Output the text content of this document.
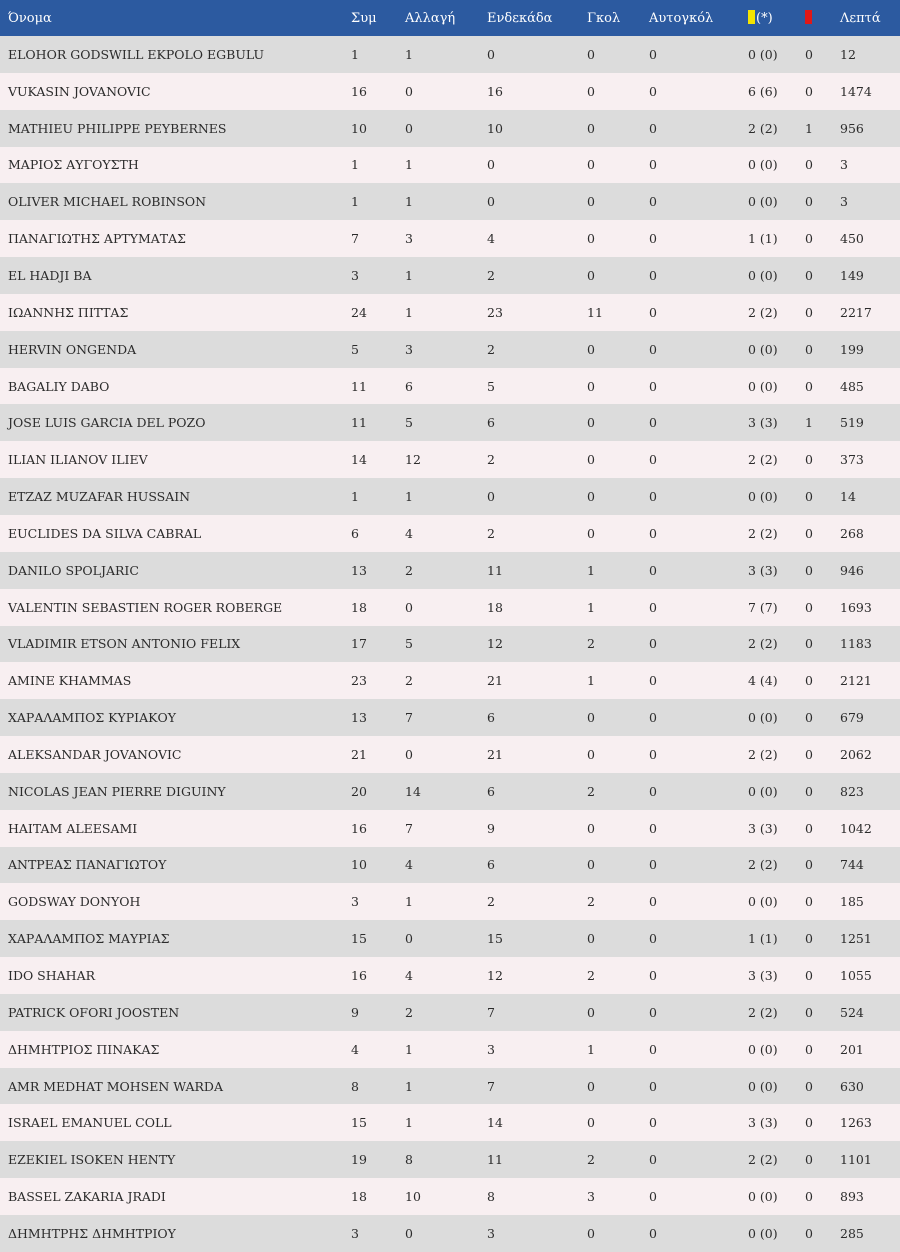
Όνομα	Συμ	Αλλαγή	Ενδεκάδα	Γκολ	Αυτογκόλ	(*)		Λεπτά
ELOHOR GODSWILL EKPOLO EGBULU	1	1	0	0	0	0 (0)	0	12
VUKASIN JOVANOVIC	16	0	16	0	0	6 (6)	0	1474
MATHIEU PHILIPPE PEYBERNES	10	0	10	0	0	2 (2)	1	956
ΜΑΡΙΟΣ ΑΥΓΟΥΣΤΗ	1	1	0	0	0	0 (0)	0	3
OLIVER MICHAEL ROBINSON	1	1	0	0	0	0 (0)	0	3
ΠΑΝΑΓΙΩΤΗΣ ΑΡΤΥΜΑΤΑΣ	7	3	4	0	0	1 (1)	0	450
EL HADJI BA	3	1	2	0	0	0 (0)	0	149
ΙΩΑΝΝΗΣ ΠΙΤΤΑΣ	24	1	23	11	0	2 (2)	0	2217
HERVIN ONGENDA	5	3	2	0	0	0 (0)	0	199
BAGALIY DABO	11	6	5	0	0	0 (0)	0	485
JOSE LUIS GARCIA DEL POZO	11	5	6	0	0	3 (3)	1	519
ILIAN ILIANOV ILIEV	14	12	2	0	0	2 (2)	0	373
ETZAZ MUZAFAR HUSSAIN	1	1	0	0	0	0 (0)	0	14
EUCLIDES DA SILVA CABRAL	6	4	2	0	0	2 (2)	0	268
DANILO SPOLJARIC	13	2	11	1	0	3 (3)	0	946
VALENTIN SEBASTIEN ROGER ROBERGE	18	0	18	1	0	7 (7)	0	1693
VLADIMIR ETSON ANTONIO FELIX	17	5	12	2	0	2 (2)	0	1183
AMINE KHAMMAS	23	2	21	1	0	4 (4)	0	2121
ΧΑΡΑΛΑΜΠΟΣ ΚΥΡΙΑΚΟΥ	13	7	6	0	0	0 (0)	0	679
ALEKSANDAR JOVANOVIC	21	0	21	0	0	2 (2)	0	2062
NICOLAS JEAN PIERRE DIGUINY	20	14	6	2	0	0 (0)	0	823
HAITAM ALEESAMI	16	7	9	0	0	3 (3)	0	1042
ΑΝΤΡΕΑΣ ΠΑΝΑΓΙΩΤΟΥ	10	4	6	0	0	2 (2)	0	744
GODSWAY DONYOH	3	1	2	2	0	0 (0)	0	185
ΧΑΡΑΛΑΜΠΟΣ ΜΑΥΡΙΑΣ	15	0	15	0	0	1 (1)	0	1251
IDO SHAHAR	16	4	12	2	0	3 (3)	0	1055
PATRICK OFORI JOOSTEN	9	2	7	0	0	2 (2)	0	524
ΔΗΜΗΤΡΙΟΣ ΠΙΝΑΚΑΣ	4	1	3	1	0	0 (0)	0	201
AMR MEDHAT MOHSEN WARDA	8	1	7	0	0	0 (0)	0	630
ISRAEL EMANUEL COLL	15	1	14	0	0	3 (3)	0	1263
EZEKIEL ISOKEN HENTY	19	8	11	2	0	2 (2)	0	1101
BASSEL ZAKARIA JRADI	18	10	8	3	0	0 (0)	0	893
ΔΗΜΗΤΡΗΣ ΔΗΜΗΤΡΙΟΥ	3	0	3	0	0	0 (0)	0	285
